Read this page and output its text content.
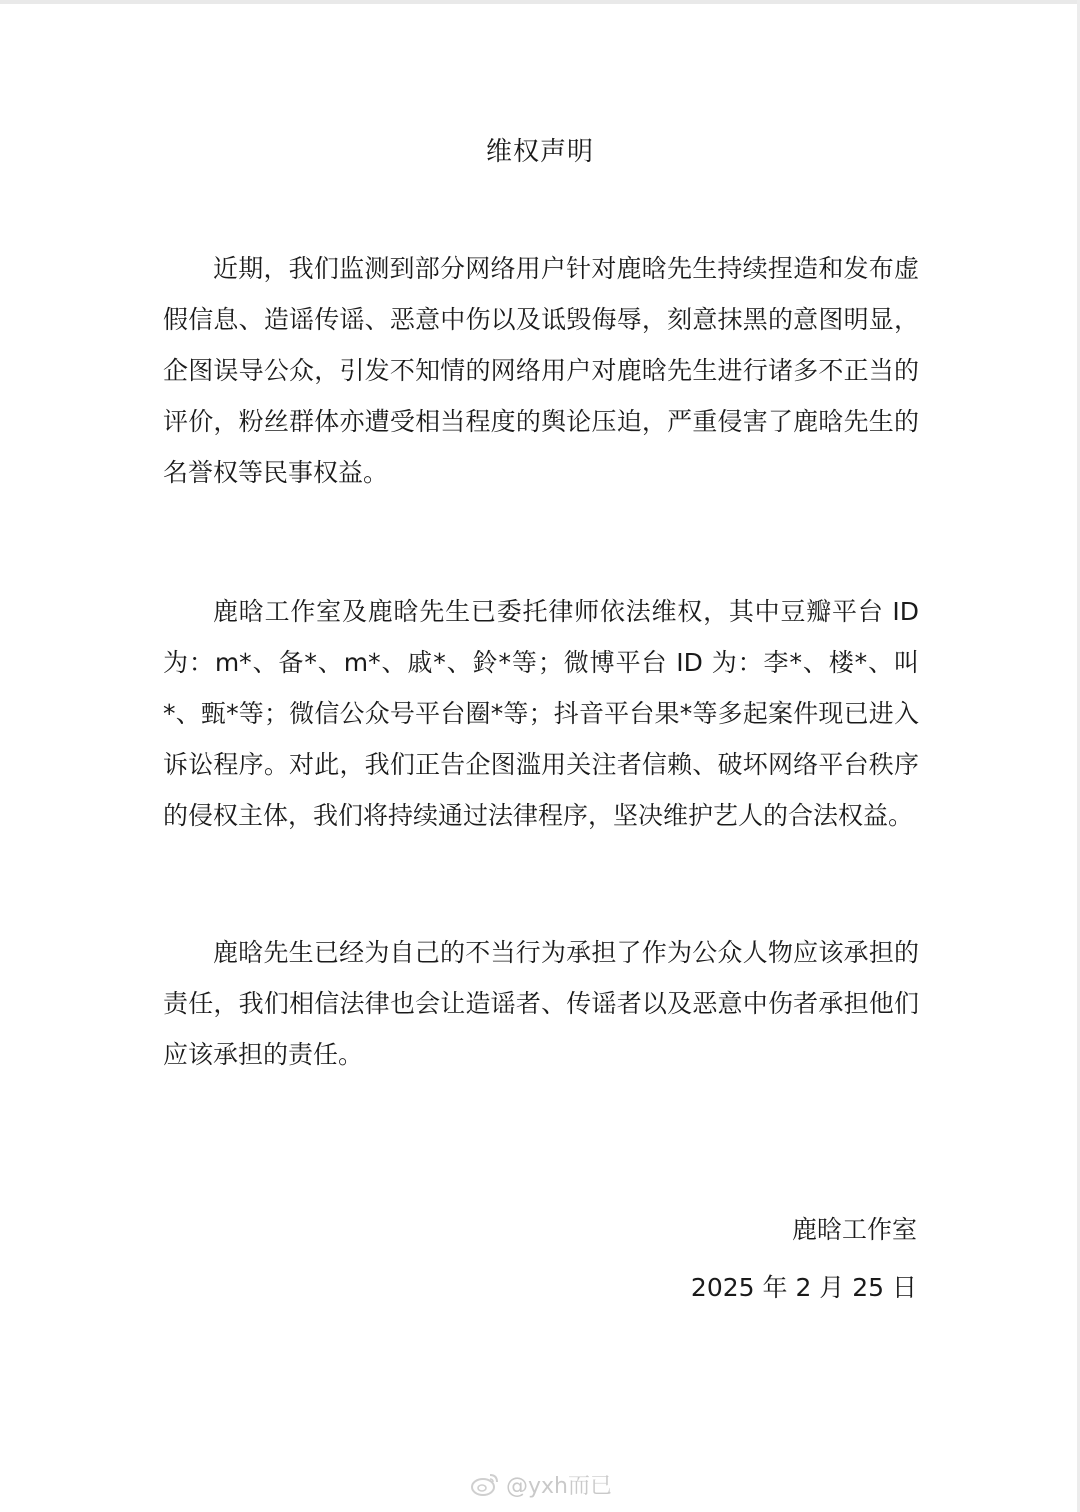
维权声明
近期，我们监测到部分网络用户针对鹿晗先生持续捏造和发布虚假信息、造谣传谣、恶意中伤以及诋毁侮辱，刻意抹黑的意图明显，企图误导公众，引发不知情的网络用户对鹿晗先生进行诸多不正当的评价，粉丝群体亦遭受相当程度的舆论压迫，严重侵害了鹿晗先生的名誉权等民事权益。
鹿晗工作室及鹿晗先生已委托律师依法维权，其中豆瓣平台 ID 为：m*、备*、m*、戚*、鈴*等；微博平台 ID 为：李*、楼*、叫*、甄*等；微信公众号平台圈*等；抖音平台果*等多起案件现已进入诉讼程序。对此，我们正告企图滥用关注者信赖、破坏网络平台秩序的侵权主体，我们将持续通过法律程序，坚决维护艺人的合法权益。
鹿晗先生已经为自己的不当行为承担了作为公众人物应该承担的责任，我们相信法律也会让造谣者、传谣者以及恶意中伤者承担他们应该承担的责任。
鹿晗工作室
2025 年 2 月 25 日
@yxh而已
